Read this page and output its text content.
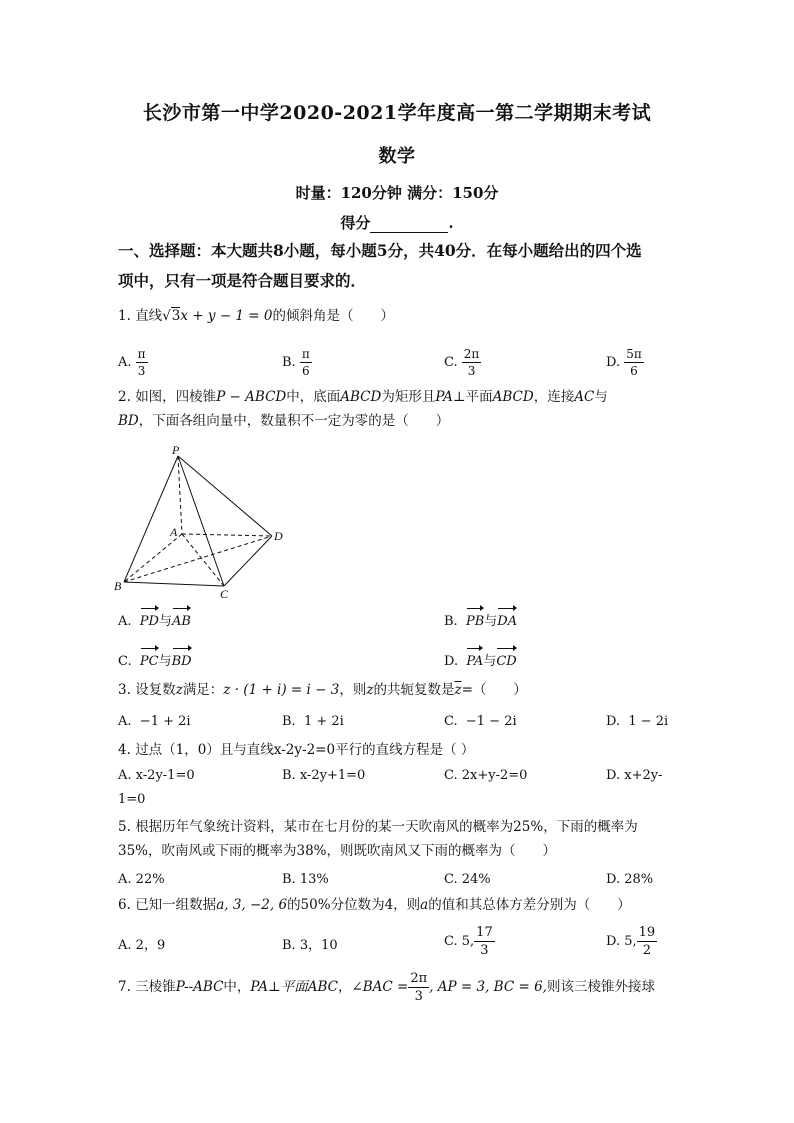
长沙市第一中学2020-2021学年度高一第二学期期末考试
数学
时量：120分钟 满分：150分
得分	.
一、选择题：本大题共8小题，每小题5分，共40分．在每小题给出的四个选
项中，只有一项是符合题目要求的．
1. 直线√3x + y − 1 = 0的倾斜角是（　　）
A. $\frac{\pi}{3}$	B. $\frac{\pi}{6}$	C. $\frac{2\pi}{3}$	D. $\frac{5\pi}{6}$
2. 如图，四棱锥P − ABCD中，底面ABCD为矩形且PA⊥平面ABCD，连接AC与
BD，下面各组向量中，数量积不一定为零的是（　　）
P
A
B
C
D
A. PD与AB	B. PB与DA
C. PC与BD	D. PA与CD
3. 设复数z满足：z · (1 + i) = i − 3，则z的共轭复数是$\overline{z}=$（　　）
A. −1 + 2i	B. 1 + 2i	C. −1 − 2i	D. 1 − 2i
4. 过点（1，0）且与直线x-2y-2=0平行的直线方程是（ ）
A. x-2y-1=0	B. x-2y+1=0	C. 2x+y-2=0	D. x+2y-
1=0
5. 根据历年气象统计资料，某市在七月份的某一天吹南风的概率为25%，下雨的概率为
35%，吹南风或下雨的概率为38%，则既吹南风又下雨的概率为（　　）
A. 22%	B. 13%	C. 24%	D. 28%
6. 已知一组数据a, 3, −2, 6的50%分位数为4，则a的值和其总体方差分别为（　　）
A. 2，9	B. 3，10	C. 5, $\frac{17}{3}$	D. 5, $\frac{19}{2}$
7. 三棱锥P--ABC中，PA⊥平面ABC，∠BAC = $\frac{2\pi}{3}$ , AP = 3, BC = 6,则该三棱锥外接球
